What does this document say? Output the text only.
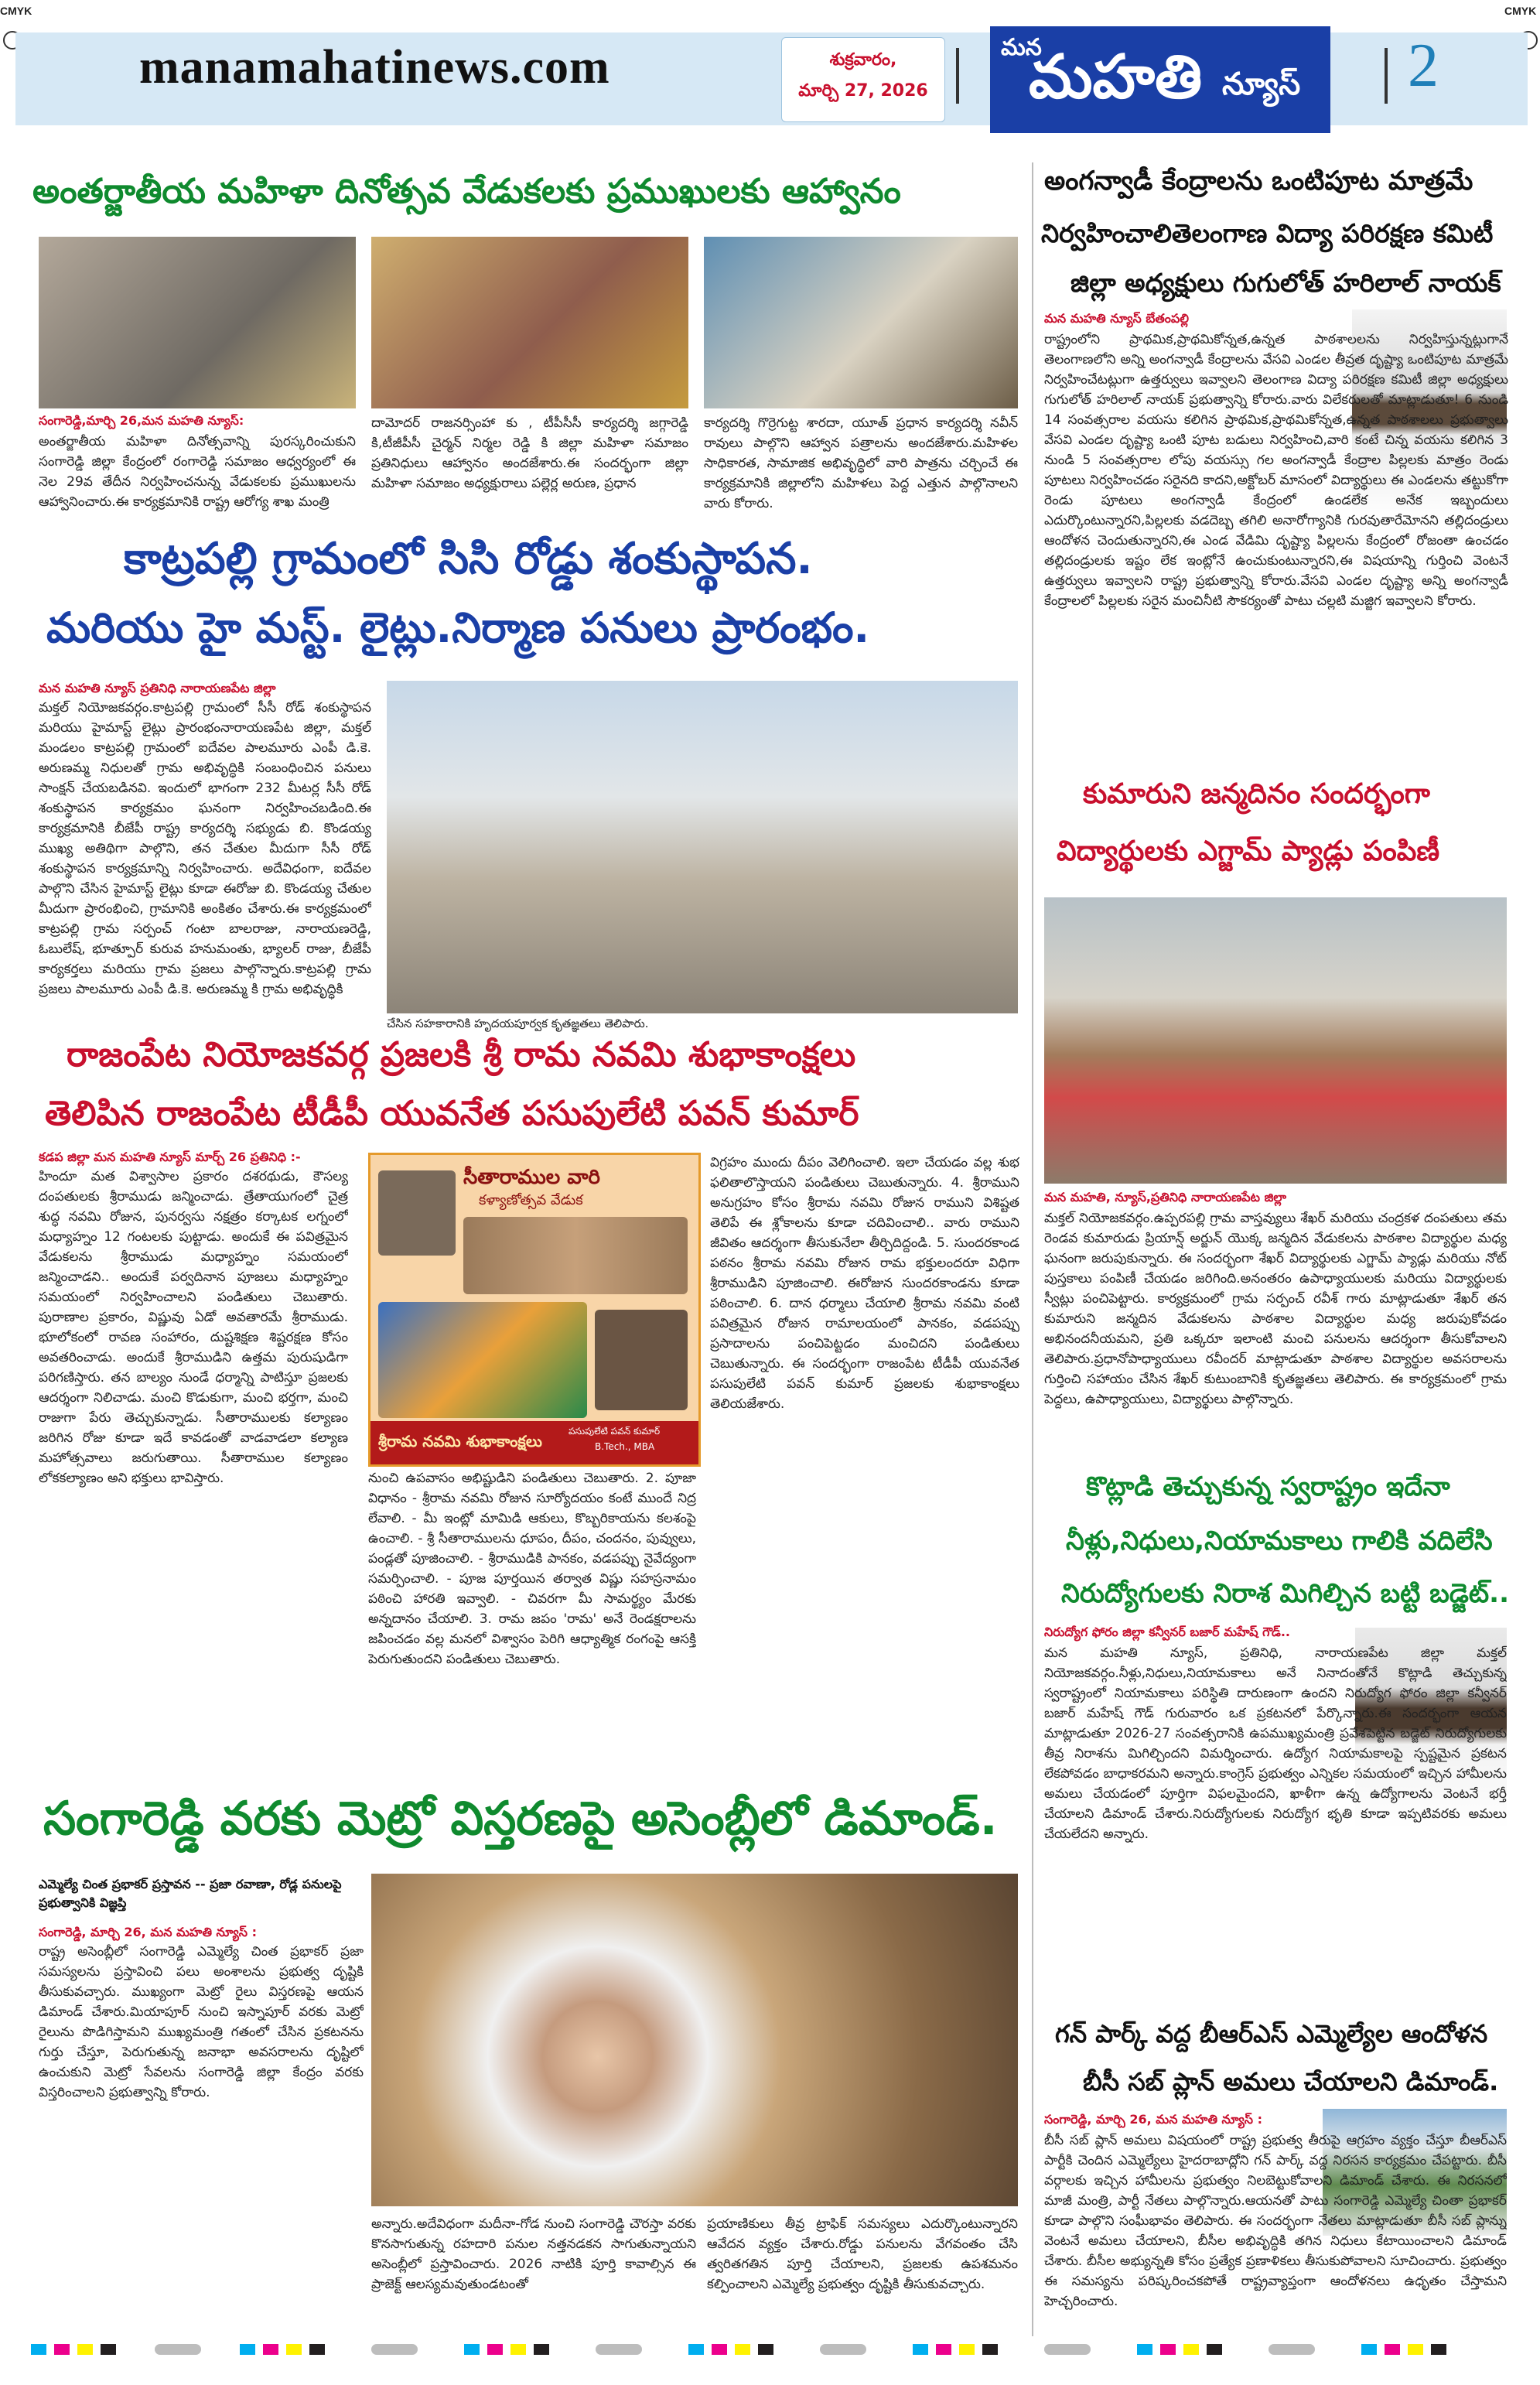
CMYK	CMYK
manamahatinews.com	శుక్రవారం,
మార్చి 27, 2026
మన
మహతి న్యూస్ 2
అంతర్జాతీయ మహిళా దినోత్సవ వేడుకలకు ప్రముఖులకు ఆహ్వానం
సంగారెడ్డి,మార్చి 26,మన మహతి న్యూస్:
అంతర్జాతీయ మహిళా దినోత్సవాన్ని పురస్కరించుకుని సంగారెడ్డి జిల్లా కేంద్రంలో రంగారెడ్డి సమాజం ఆధ్వర్యంలో ఈ నెల 29వ తేదీన నిర్వహించనున్న వేడుకలకు ప్రముఖులను ఆహ్వానించారు.ఈ కార్యక్రమానికి రాష్ట్ర ఆరోగ్య శాఖ మంత్రి
దామోదర్ రాజనర్సింహా కు , టీపీసీసీ కార్యదర్శి జగ్గారెడ్డి కి,టీజీపీసీ చైర్మన్ నిర్మల రెడ్డి కి జిల్లా మహిళా సమాజం ప్రతినిధులు ఆహ్వానం అందజేశారు.ఈ సందర్భంగా జిల్లా మహిళా సమాజం అధ్యక్షురాలు పల్లెర్ల అరుణ, ప్రధాన
కార్యదర్శి గొర్రెగుట్ట శారదా, యూత్ ప్రధాన కార్యదర్శి నవీన్ రావులు పాల్గొని ఆహ్వాన పత్రాలను అందజేశారు.మహిళల సాధికారత, సామాజిక అభివృద్ధిలో వారి పాత్రను చర్చించే ఈ కార్యక్రమానికి జిల్లాలోని మహిళలు పెద్ద ఎత్తున పాల్గొనాలని వారు కోరారు.
కాట్రపల్లి గ్రామంలో సిసి రోడ్డు శంకుస్థాపన.
మరియు హై మస్ట్. లైట్లు.నిర్మాణ పనులు ప్రారంభం.
మన మహతి న్యూస్ ప్రతినిధి నారాయణపేట జిల్లా
మక్తల్ నియోజకవర్గం.కాట్రపల్లి గ్రామంలో సీసీ రోడ్ శంకుస్థాపన మరియు హైమాస్ట్ లైట్లు ప్రారంభంనారాయణపేట జిల్లా, మక్తల్ మండలం కాట్రపల్లి గ్రామంలో ఐదేవల పాలమూరు ఎంపీ డి.కె. అరుణమ్మ నిధులతో గ్రామ అభివృద్ధికి సంబంధించిన పనులు సాంక్షన్ చేయబడినవి. ఇందులో భాగంగా 232 మీటర్ల సీసీ రోడ్ శంకుస్థాపన కార్యక్రమం ఘనంగా నిర్వహించబడింది.ఈ కార్యక్రమానికి బీజేపీ రాష్ట్ర కార్యదర్శి సభ్యుడు బి. కొండయ్య ముఖ్య అతిథిగా పాల్గొని, తన చేతుల మీదుగా సీసీ రోడ్ శంకుస్థాపన కార్యక్రమాన్ని నిర్వహించారు. అదేవిధంగా, ఐదేవల పాల్గొని చేసిన హైమాస్ట్ లైట్లు కూడా ఈరోజు బి. కొండయ్య చేతుల మీదుగా ప్రారంభించి, గ్రామానికి అంకితం చేశారు.ఈ కార్యక్రమంలో కాట్రపల్లి గ్రామ సర్పంచ్ గంటా బాలరాజు, నారాయణరెడ్డి, ఓబులేష్, భూత్పూర్ కురువ హనుమంతు, భ్యాలర్ రాజు, బీజేపీ కార్యకర్తలు మరియు గ్రామ ప్రజలు పాల్గొన్నారు.కాట్రపల్లి గ్రామ ప్రజలు పాలమూరు ఎంపీ డి.కె. అరుణమ్మ కి గ్రామ అభివృద్ధికి
చేసిన సహకారానికి హృదయపూర్వక కృతజ్ఞతలు తెలిపారు.
రాజంపేట నియోజకవర్గ ప్రజలకి శ్రీ రామ నవమి శుభాకాంక్షలు
తెలిపిన రాజంపేట టీడీపీ యువనేత పసుపులేటి పవన్ కుమార్
కడప జిల్లా మన మహతి న్యూస్ మార్చ్ 26 ప్రతినిధి :-
హిందూ మత విశ్వాసాల ప్రకారం దశరథుడు, కౌసల్య దంపతులకు శ్రీరాముడు జన్మించాడు. త్రేతాయుగంలో చైత్ర శుద్ధ నవమి రోజున, పునర్వసు నక్షత్రం కర్కాటక లగ్నంలో మధ్యాహ్నం 12 గంటలకు పుట్టాడు. అందుకే ఈ పవిత్రమైన వేడుకలను శ్రీరాముడు మధ్యాహ్నం సమయంలో జన్మించాడని.. అందుకే పర్వదినాన పూజలు మధ్యాహ్నం సమయంలో నిర్వహించాలని పండితులు చెబుతారు. పురాణాల ప్రకారం, విష్ణువు ఏడో అవతారమే శ్రీరాముడు. భూలోకంలో రావణ సంహారం, దుష్టశిక్షణ శిష్టరక్షణ కోసం అవతరించాడు. అందుకే శ్రీరాముడిని ఉత్తమ పురుషుడిగా పరిగణిస్తారు. తన బాల్యం నుండే ధర్మాన్ని పాటిస్తూ ప్రజలకు ఆదర్శంగా నిలిచాడు. మంచి కొడుకుగా, మంచి భర్తగా, మంచి రాజుగా పేరు తెచ్చుకున్నాడు. సీతారాములకు కల్యాణం జరిగిన రోజు కూడా ఇదే కావడంతో వాడవాడలా కల్యాణ మహోత్సవాలు జరుగుతాయి. సీతారాముల కల్యాణం లోకకల్యాణం అని భక్తులు భావిస్తారు.
సీతారాముల వారి
కళ్యాణోత్సవ వేడుక
శ్రీరామ నవమి శుభాకాంక్షలు
పసుపులేటి పవన్ కుమార్
B.Tech., MBA
నుంచి ఉపవాసం అభిష్టుడిని పండితులు చెబుతారు. 2. పూజా విధానం - శ్రీరామ నవమి రోజున సూర్యోదయం కంటే ముందే నిద్ర లేవాలి. - మీ ఇంట్లో మామిడి ఆకులు, కొబ్బరికాయను కలశంపై ఉంచాలి. - శ్రీ సీతారాములను ధూపం, దీపం, చందనం, పువ్వులు, పండ్లతో పూజించాలి. - శ్రీరాముడికి పానకం, వడపప్పు నైవేద్యంగా సమర్పించాలి. - పూజ పూర్తయిన తర్వాత విష్ణు సహస్రనామం పఠించి హారతి ఇవ్వాలి. - చివరగా మీ సామర్థ్యం మేరకు అన్నదానం చేయాలి. 3. రామ జపం 'రామ' అనే రెండక్షరాలను జపించడం వల్ల మనలో విశ్వాసం పెరిగి ఆధ్యాత్మిక రంగంపై ఆసక్తి పెరుగుతుందని పండితులు చెబుతారు.
విగ్రహం ముందు దీపం వెలిగించాలి. ఇలా చేయడం వల్ల శుభ ఫలితాలొస్తాయని పండితులు చెబుతున్నారు. 4. శ్రీరాముని అనుగ్రహం కోసం శ్రీరామ నవమి రోజున రాముని విశిష్టత తెలిపే ఈ శ్లోకాలను కూడా చదివించాలి.. వారు రాముని జీవితం ఆదర్శంగా తీసుకునేలా తీర్చిదిద్దండి. 5. సుందరకాండ పఠనం శ్రీరామ నవమి రోజున రామ భక్తులందరూ విధిగా శ్రీరాముడిని పూజించాలి. ఈరోజున సుందరకాండను కూడా పఠించాలి. 6. దాన ధర్మాలు చేయాలి శ్రీరామ నవమి వంటి పవిత్రమైన రోజున రామాలయంలో పానకం, వడపప్పు ప్రసాదాలను పంచిపెట్టడం మంచిదని పండితులు చెబుతున్నారు. ఈ సందర్భంగా రాజంపేట టీడీపీ యువనేత పసుపులేటి పవన్ కుమార్ ప్రజలకు శుభాకాంక్షలు తెలియజేశారు.
సంగారెడ్డి వరకు మెట్రో విస్తరణపై అసెంబ్లీలో డిమాండ్.
ఎమ్మెల్యే చింత ప్రభాకర్ ప్రస్తావన -- ప్రజా రవాణా, రోడ్ల పనులపై ప్రభుత్వానికి విజ్ఞప్తి
సంగారెడ్డి, మార్చి 26, మన మహతి న్యూస్ :
రాష్ట్ర అసెంబ్లీలో సంగారెడ్డి ఎమ్మెల్యే చింత ప్రభాకర్ ప్రజా సమస్యలను ప్రస్తావించి పలు అంశాలను ప్రభుత్వ దృష్టికి తీసుకువచ్చారు. ముఖ్యంగా మెట్రో రైలు విస్తరణపై ఆయన డిమాండ్ చేశారు.మియాపూర్ నుంచి ఇస్నాపూర్ వరకు మెట్రో రైలును పొడిగిస్తామని ముఖ్యమంత్రి గతంలో చేసిన ప్రకటనను గుర్తు చేస్తూ, పెరుగుతున్న జనాభా అవసరాలను దృష్టిలో ఉంచుకుని మెట్రో సేవలను సంగారెడ్డి జిల్లా కేంద్రం వరకు విస్తరించాలని ప్రభుత్వాన్ని కోరారు.
అన్నారు.అదేవిధంగా మదీనా-గోడ నుంచి సంగారెడ్డి చౌరస్తా వరకు కొనసాగుతున్న రహదారి పనుల నత్తనడకన సాగుతున్నాయని అసెంబ్లీలో ప్రస్తావించారు. 2026 నాటికి పూర్తి కావాల్సిన ఈ ప్రాజెక్ట్ ఆలస్యమవుతుండటంతో
ప్రయాణికులు తీవ్ర ట్రాఫిక్ సమస్యలు ఎదుర్కొంటున్నారని ఆవేదన వ్యక్తం చేశారు.రోడ్డు పనులను వేగవంతం చేసి త్వరితగతిన పూర్తి చేయాలని, ప్రజలకు ఉపశమనం కల్పించాలని ఎమ్మెల్యే ప్రభుత్వం దృష్టికి తీసుకువచ్చారు.
అంగన్వాడీ కేంద్రాలను ఒంటిపూట మాత్రమే
నిర్వహించాలితెలంగాణ విద్యా పరిరక్షణ కమిటీ
జిల్లా అధ్యక్షులు గుగులోత్ హరిలాల్ నాయక్
మన మహతి న్యూస్ బేతంపల్లి
రాష్ట్రంలోని ప్రాథమిక,ప్రాథమికోన్నత,ఉన్నత పాఠశాలలను నిర్వహిస్తున్నట్లుగానే తెలంగాణలోని అన్ని అంగన్వాడీ కేంద్రాలను వేసవి ఎండల తీవ్రత దృష్ట్యా ఒంటిపూట మాత్రమే నిర్వహించేటట్లుగా ఉత్తర్వులు ఇవ్వాలని తెలంగాణ విద్యా పరిరక్షణ కమిటీ జిల్లా అధ్యక్షులు గుగులోత్ హరిలాల్ నాయక్ ప్రభుత్వాన్ని కోరారు.వారు విలేకరులతో మాట్లాడుతూ! 6 నుండి 14 సంవత్సరాల వయసు కలిగిన ప్రాథమిక,ప్రాథమికోన్నత,ఉన్నత పాఠశాలలు ప్రభుత్వాలు వేసవి ఎండల దృష్ట్యా ఒంటి పూట బడులు నిర్వహించి,వారి కంటే చిన్న వయసు కలిగిన 3 నుండి 5 సంవత్సరాల లోపు వయస్సు గల అంగన్వాడీ కేంద్రాల పిల్లలకు మాత్రం రెండు పూటలు నిర్వహించడం సరైనది కాదని,అక్టోబర్ మాసంలో విద్యార్థులు ఈ ఎండలను తట్టుకోగా రెండు పూటలు అంగన్వాడీ కేంద్రంలో ఉండలేక అనేక ఇబ్బందులు ఎదుర్కొంటున్నారని,పిల్లలకు వడదెబ్బ తగిలి అనారోగ్యానికి గురవుతారేమోనని తల్లిదండ్రులు ఆందోళన చెందుతున్నారని,ఈ ఎండ వేడిమి దృష్ట్యా పిల్లలను కేంద్రంలో రోజంతా ఉంచడం తల్లిదండ్రులకు ఇష్టం లేక ఇంట్లోనే ఉంచుకుంటున్నారని,ఈ విషయాన్ని గుర్తించి వెంటనే ఉత్తర్వులు ఇవ్వాలని రాష్ట్ర ప్రభుత్వాన్ని కోరారు.వేసవి ఎండల దృష్ట్యా అన్ని అంగన్వాడీ కేంద్రాలలో పిల్లలకు సరైన మంచినీటి సౌకర్యంతో పాటు చల్లటి మజ్జిగ ఇవ్వాలని కోరారు.
కుమారుని జన్మదినం సందర్భంగా
విద్యార్థులకు ఎగ్జామ్ ప్యాడ్లు పంపిణీ
మన మహతి, న్యూస్,ప్రతినిధి నారాయణపేట జిల్లా
మక్తల్ నియోజకవర్గం.ఉప్పరపల్లి గ్రామ వాస్తవ్యులు శేఖర్ మరియు చంద్రకళ దంపతులు తమ రెండవ కుమారుడు ప్రియాన్ష్ అర్జున్ యొక్క జన్మదిన వేడుకలను పాఠశాల విద్యార్థుల మధ్య ఘనంగా జరుపుకున్నారు. ఈ సందర్భంగా శేఖర్ విద్యార్థులకు ఎగ్జామ్ ప్యాడ్లు మరియు నోట్ పుస్తకాలు పంపిణీ చేయడం జరిగింది.అనంతరం ఉపాధ్యాయులకు మరియు విద్యార్థులకు స్వీట్లు పంచిపెట్టారు. కార్యక్రమంలో గ్రామ సర్పంచ్ రవీశ్ గారు మాట్లాడుతూ శేఖర్ తన కుమారుని జన్మదిన వేడుకలను పాఠశాల విద్యార్థుల మధ్య జరుపుకోవడం అభినందనీయమని, ప్రతి ఒక్కరూ ఇలాంటి మంచి పనులను ఆదర్శంగా తీసుకోవాలని తెలిపారు.ప్రధానోపాధ్యాయులు రవీందర్ మాట్లాడుతూ పాఠశాల విద్యార్థుల అవసరాలను గుర్తించి సహాయం చేసిన శేఖర్ కుటుంబానికి కృతజ్ఞతలు తెలిపారు. ఈ కార్యక్రమంలో గ్రామ పెద్దలు, ఉపాధ్యాయులు, విద్యార్థులు పాల్గొన్నారు.
కొట్లాడి తెచ్చుకున్న స్వరాష్ట్రం ఇదేనా
నీళ్లు,నిధులు,నియామకాలు గాలికి వదిలేసి
నిరుద్యోగులకు నిరాశ మిగిల్చిన బట్టి బడ్జెట్..
నిరుద్యోగ ఫోరం జిల్లా కన్వీనర్ బజార్ మహేష్ గౌడ్..
మన మహతి న్యూస్, ప్రతినిధి, నారాయణపేట జిల్లా మక్తల్ నియోజకవర్గం.నీళ్లు,నిధులు,నియామకాలు అనే నినాదంతోనే కొట్లాడి తెచ్చుకున్న స్వరాష్ట్రంలో నియామకాలు పరిస్థితి దారుణంగా ఉందని నిరుద్యోగ ఫోరం జిల్లా కన్వీనర్ బజార్ మహేష్ గౌడ్ గురువారం ఒక ప్రకటనలో పేర్కొన్నారు.ఈ సందర్భంగా ఆయన మాట్లాడుతూ 2026-27 సంవత్సరానికి ఉపముఖ్యమంత్రి ప్రవేశపెట్టిన బడ్జెట్ నిరుద్యోగులకు తీవ్ర నిరాశను మిగిల్చిందని విమర్శించారు. ఉద్యోగ నియామకాలపై స్పష్టమైన ప్రకటన లేకపోవడం బాధాకరమని అన్నారు.కాంగ్రెస్ ప్రభుత్వం ఎన్నికల సమయంలో ఇచ్చిన హామీలను అమలు చేయడంలో పూర్తిగా విఫలమైందని, ఖాళీగా ఉన్న ఉద్యోగాలను వెంటనే భర్తీ చేయాలని డిమాండ్ చేశారు.నిరుద్యోగులకు నిరుద్యోగ భృతి కూడా ఇప్పటివరకు అమలు చేయలేదని అన్నారు.
గన్ పార్క్ వద్ద బీఆర్ఎస్ ఎమ్మెల్యేల ఆందోళన
బీసీ సబ్ ప్లాన్ అమలు చేయాలని డిమాండ్.
సంగారెడ్డి, మార్చి 26, మన మహతి న్యూస్ :
బీసీ సబ్ ప్లాన్ అమలు విషయంలో రాష్ట్ర ప్రభుత్వ తీరుపై ఆగ్రహం వ్యక్తం చేస్తూ బీఆర్ఎస్ పార్టీకి చెందిన ఎమ్మెల్యేలు హైదరాబాద్లోని గన్ పార్క్ వద్ద నిరసన కార్యక్రమం చేపట్టారు. బీసీ వర్గాలకు ఇచ్చిన హామీలను ప్రభుత్వం నిలబెట్టుకోవాలని డిమాండ్ చేశారు. ఈ నిరసనలో మాజీ మంత్రి, పార్టీ నేతలు పాల్గొన్నారు.ఆయనతో పాటు సంగారెడ్డి ఎమ్మెల్యే చింతా ప్రభాకర్ కూడా పాల్గొని సంఘీభావం తెలిపారు. ఈ సందర్భంగా నేతలు మాట్లాడుతూ బీసీ సబ్ ప్లాన్ను వెంటనే అమలు చేయాలని, బీసీల అభివృద్ధికి తగిన నిధులు కేటాయించాలని డిమాండ్ చేశారు. బీసీల అభ్యున్నతి కోసం ప్రత్యేక ప్రణాళికలు తీసుకుపోవాలని సూచించారు. ప్రభుత్వం ఈ సమస్యను పరిష్కరించకపోతే రాష్ట్రవ్యాప్తంగా ఆందోళనలు ఉధృతం చేస్తామని హెచ్చరించారు.
